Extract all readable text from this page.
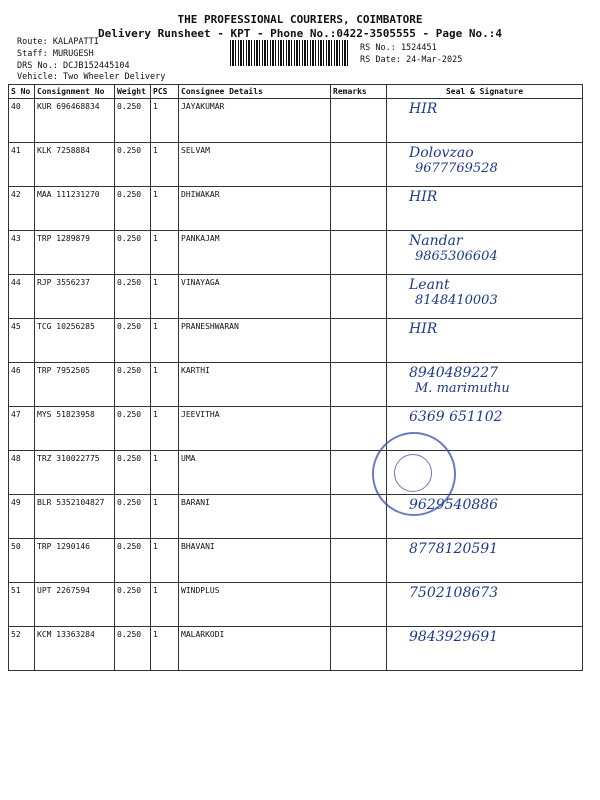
THE PROFESSIONAL COURIERS, COIMBATORE
Delivery Runsheet - KPT - Phone No.:0422-3505555 - Page No.:4
Route: KALAPATTI
Staff: MURUGESH
DRS No.: DCJB152445104
Vehicle: Two Wheeler Delivery
RS No.: 1524451
RS Date: 24-Mar-2025
S No	Consignment No	Weight	PCS	Consignee Details	Remarks	Seal & Signature
40	KUR 696468834	0.250	1	JAYAKUMAR		HIR

41	KLK 7258884	0.250	1	SELVAM		Dolovzao
9677769528

42	MAA 111231270	0.250	1	DHIWAKAR		HIR

43	TRP 1289879	0.250	1	PANKAJAM		Nandar
9865306604

44	RJP 3556237	0.250	1	VINAYAGA		Leant
8148410003

45	TCG 10256285	0.250	1	PRANESHWARAN		HIR

46	TRP 7952505	0.250	1	KARTHI		8940489227
M. marimuthu

47	MYS 51823958	0.250	1	JEEVITHA		6369 651102

48	TRZ 310022775	0.250	1	UMA		

49	BLR 5352104827	0.250	1	BARANI		9629540886

50	TRP 1290146	0.250	1	BHAVANI		8778120591

51	UPT 2267594	0.250	1	WINDPLUS		7502108673

52	KCM 13363284	0.250	1	MALARKODI		9843929691
